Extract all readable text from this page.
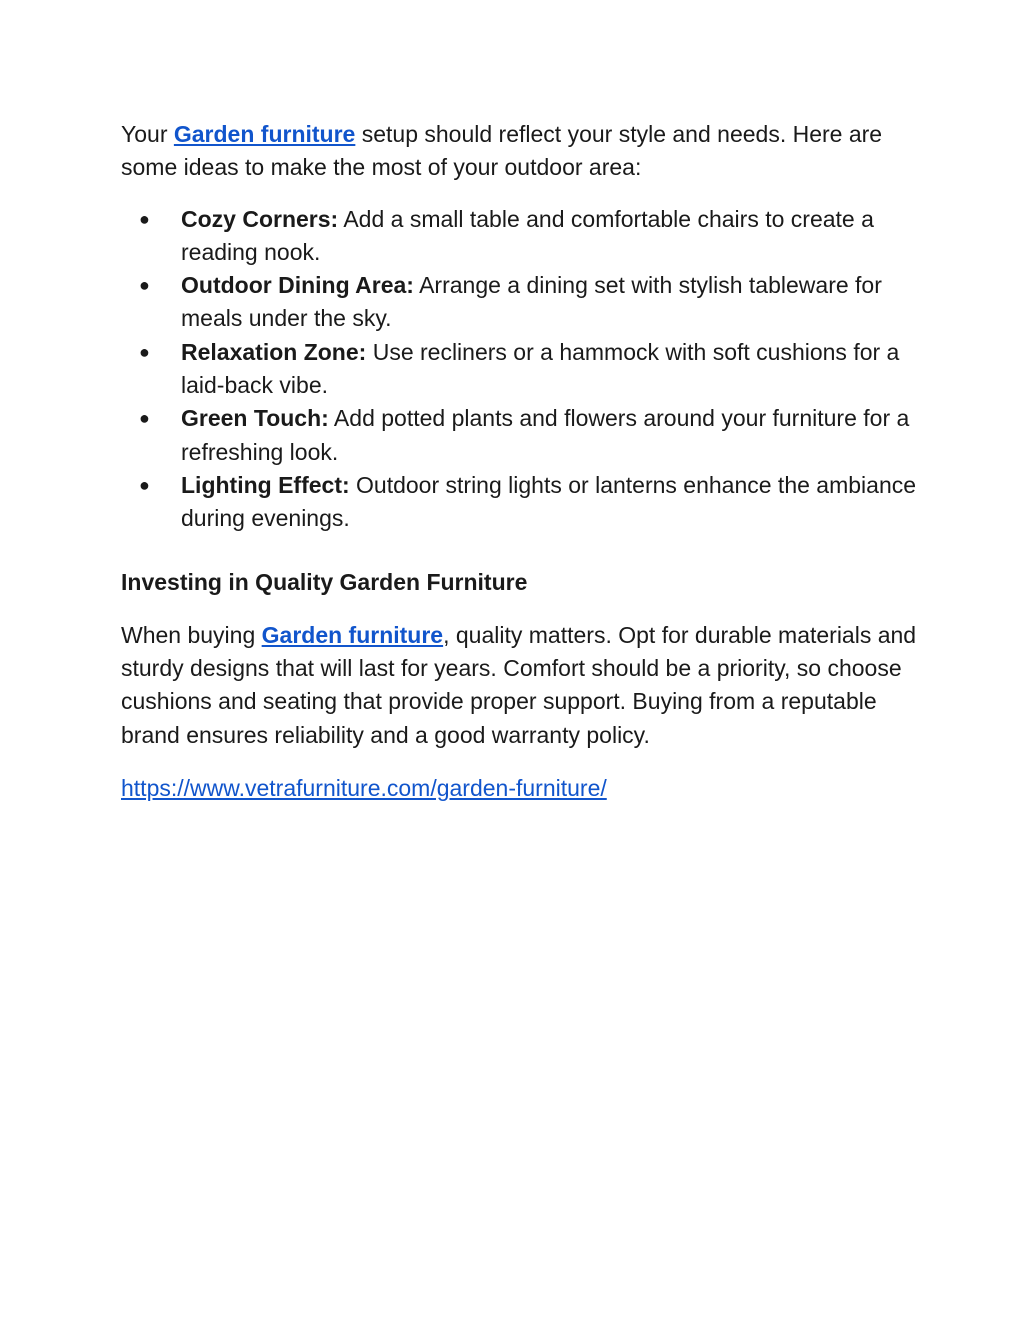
Your Garden furniture setup should reflect your style and needs. Here are some ideas to make the most of your outdoor area:

● Cozy Corners: Add a small table and comfortable chairs to create a reading nook.
● Outdoor Dining Area: Arrange a dining set with stylish tableware for meals under the sky.
● Relaxation Zone: Use recliners or a hammock with soft cushions for a laid-back vibe.
● Green Touch: Add potted plants and flowers around your furniture for a refreshing look.
● Lighting Effect: Outdoor string lights or lanterns enhance the ambiance during evenings.
Investing in Quality Garden Furniture

When buying Garden furniture, quality matters. Opt for durable materials and sturdy designs that will last for years. Comfort should be a priority, so choose cushions and seating that provide proper support. Buying from a reputable brand ensures reliability and a good warranty policy.

https://www.vetrafurniture.com/garden-furniture/
